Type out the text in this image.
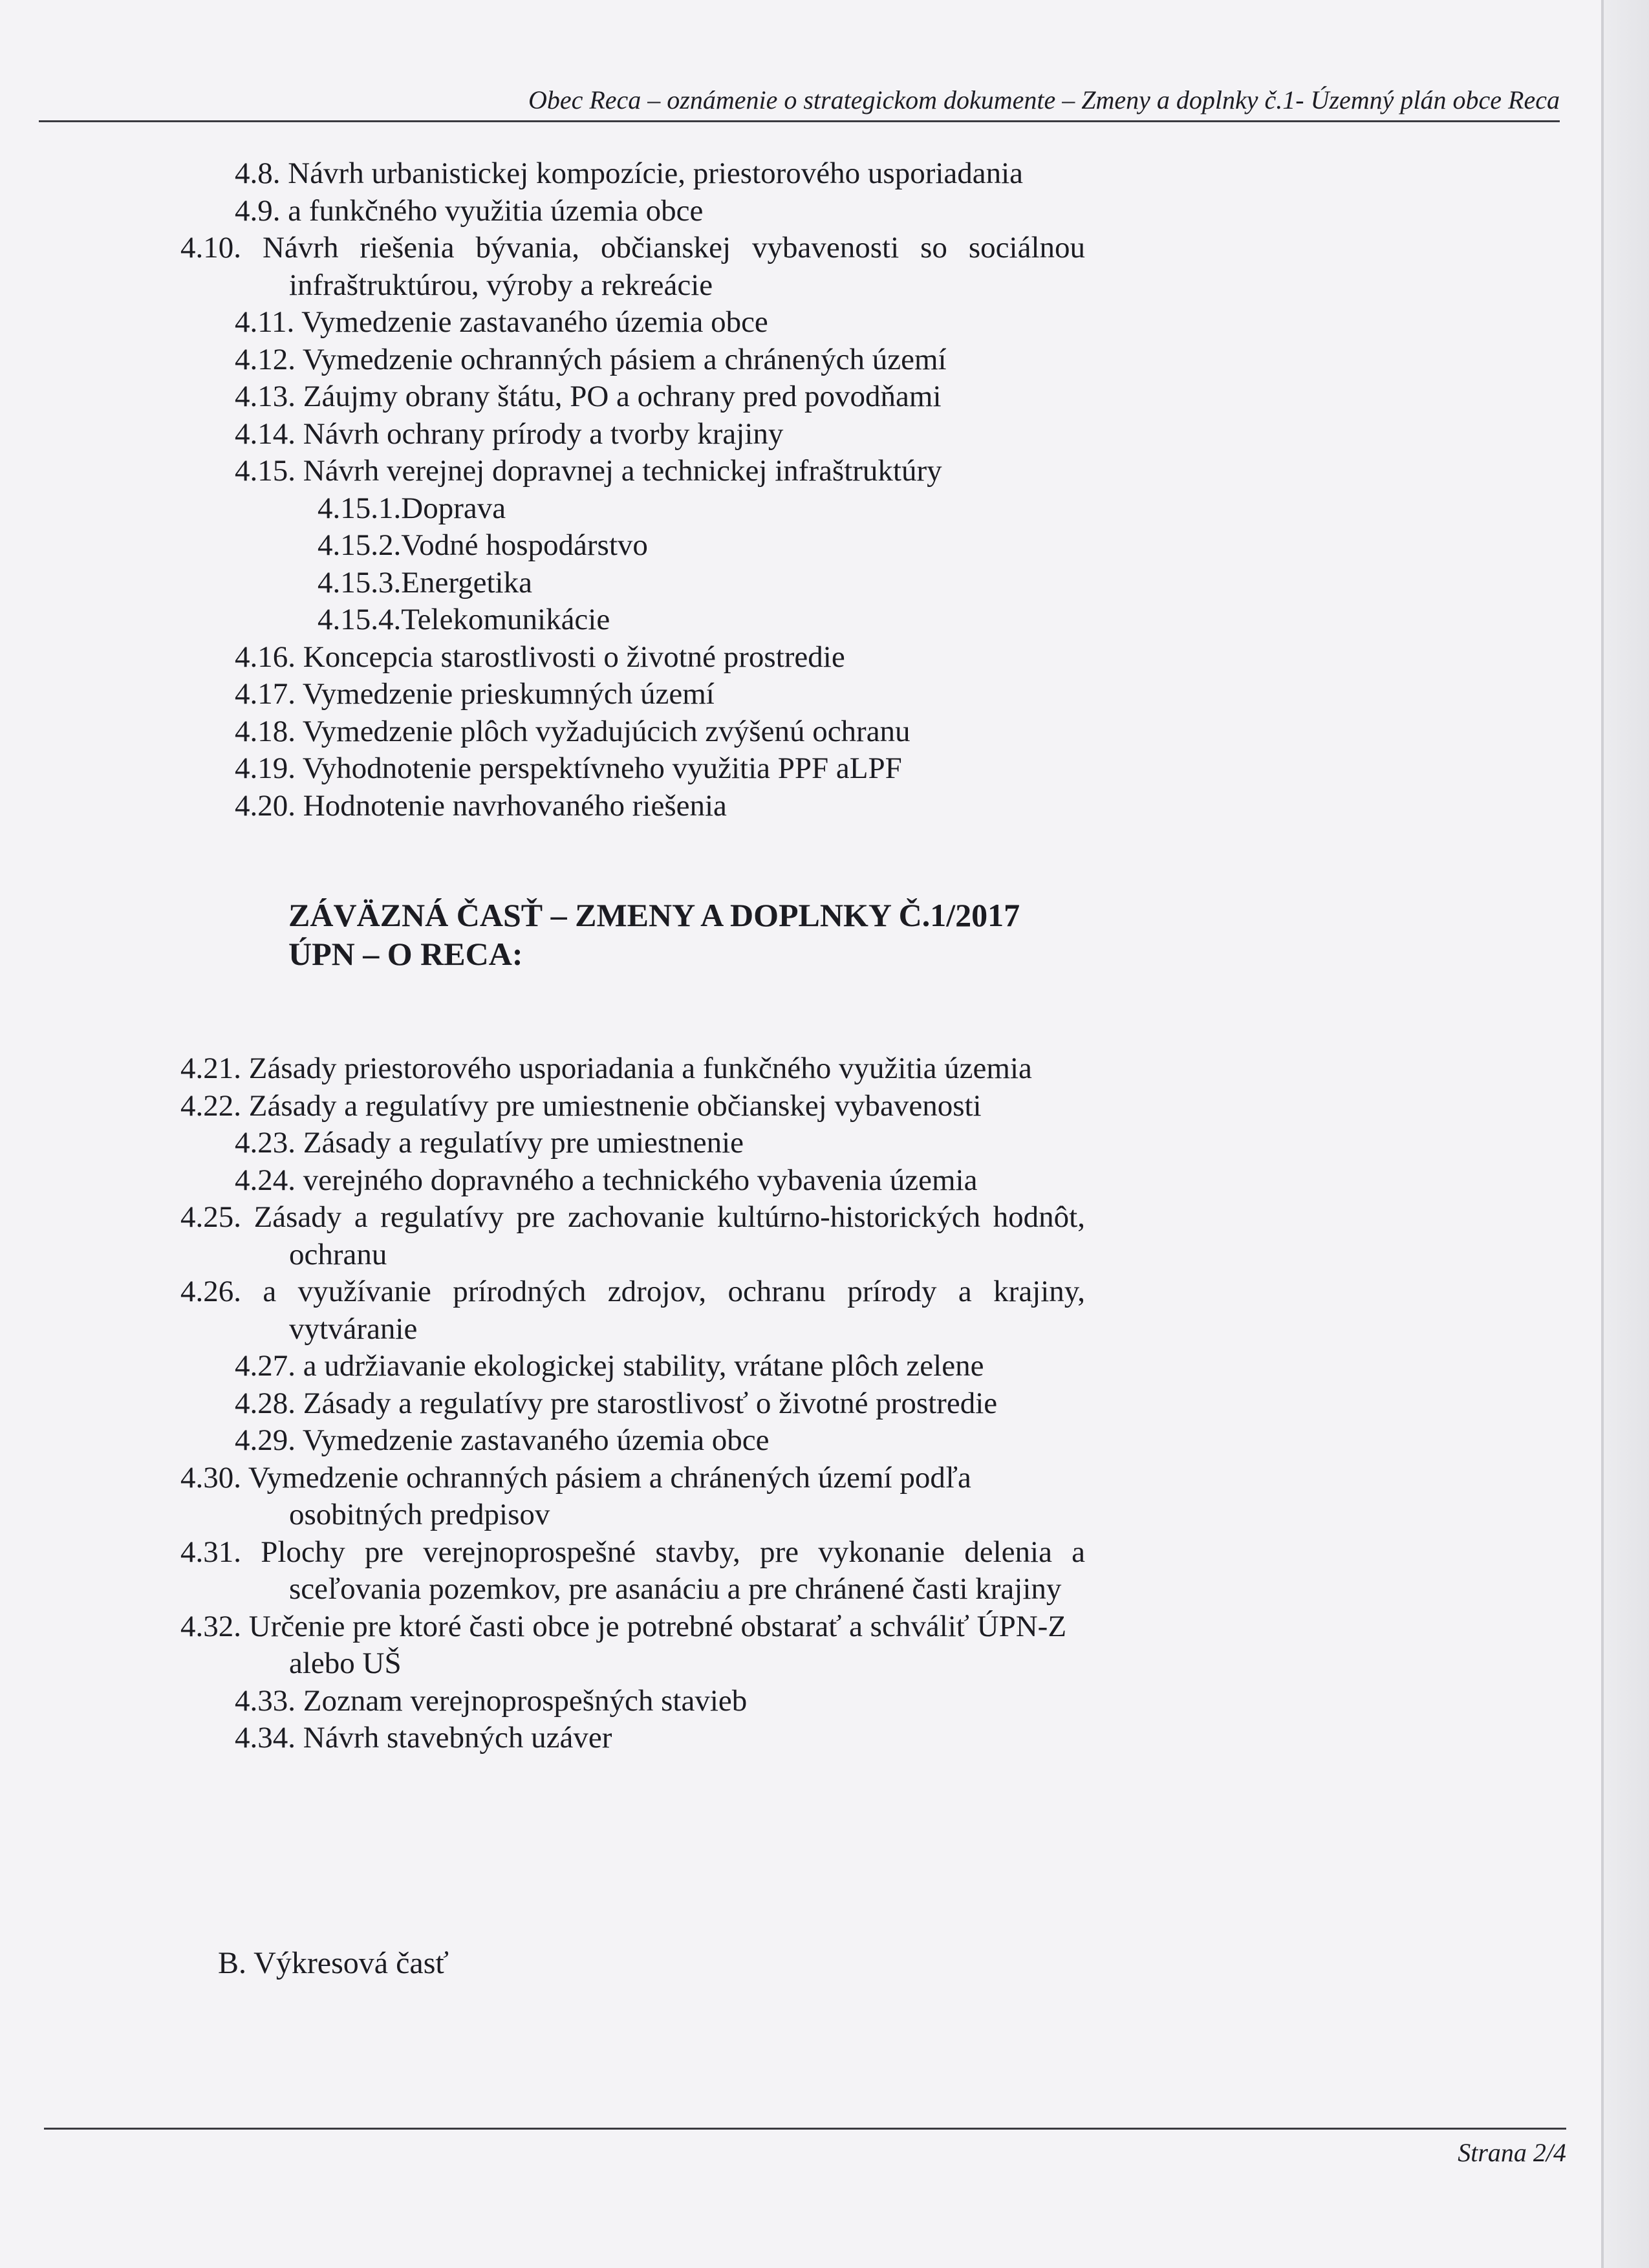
Obec Reca – oznámenie o strategickom dokumente – Zmeny a doplnky č.1- Územný plán obce Reca

4.8. Návrh urbanistickej kompozície, priestorového usporiadania

4.9. a funkčného využitia územia obce

4.10. Návrh riešenia bývania, občianskej vybavenosti so sociálnou infraštruktúrou, výroby a rekreácie

4.11. Vymedzenie zastavaného územia obce

4.12. Vymedzenie ochranných pásiem a chránených území

4.13. Záujmy obrany štátu, PO a ochrany pred povodňami

4.14. Návrh ochrany prírody a tvorby krajiny

4.15. Návrh verejnej dopravnej a technickej infraštruktúry

4.15.1.Doprava

4.15.2.Vodné hospodárstvo

4.15.3.Energetika

4.15.4.Telekomunikácie

4.16. Koncepcia starostlivosti o životné prostredie

4.17. Vymedzenie prieskumných území

4.18. Vymedzenie plôch vyžadujúcich zvýšenú ochranu

4.19. Vyhodnotenie perspektívneho využitia PPF aLPF

4.20. Hodnotenie navrhovaného riešenia

ZÁVÄZNÁ ČASŤ – ZMENY A DOPLNKY Č.1/2017
ÚPN – O RECA:

4.21. Zásady priestorového usporiadania a funkčného využitia územia

4.22. Zásady a regulatívy pre umiestnenie občianskej vybavenosti

4.23. Zásady a regulatívy pre umiestnenie

4.24. verejného dopravného a technického vybavenia územia

4.25. Zásady a regulatívy pre zachovanie kultúrno-historických hodnôt, ochranu

4.26. a využívanie prírodných zdrojov, ochranu prírody a krajiny, vytváranie

4.27. a udržiavanie ekologickej stability, vrátane plôch zelene

4.28. Zásady a regulatívy pre starostlivosť o životné prostredie

4.29. Vymedzenie zastavaného územia obce

4.30. Vymedzenie ochranných pásiem a chránených území podľa osobitných predpisov

4.31. Plochy pre verejnoprospešné stavby, pre vykonanie delenia a sceľovania pozemkov, pre asanáciu a pre chránené časti krajiny

4.32. Určenie pre ktoré časti obce je potrebné obstarať a schváliť ÚPN-Z alebo UŠ

4.33. Zoznam verejnoprospešných stavieb

4.34. Návrh stavebných uzáver

B. Výkresová časť
Strana 2/4
